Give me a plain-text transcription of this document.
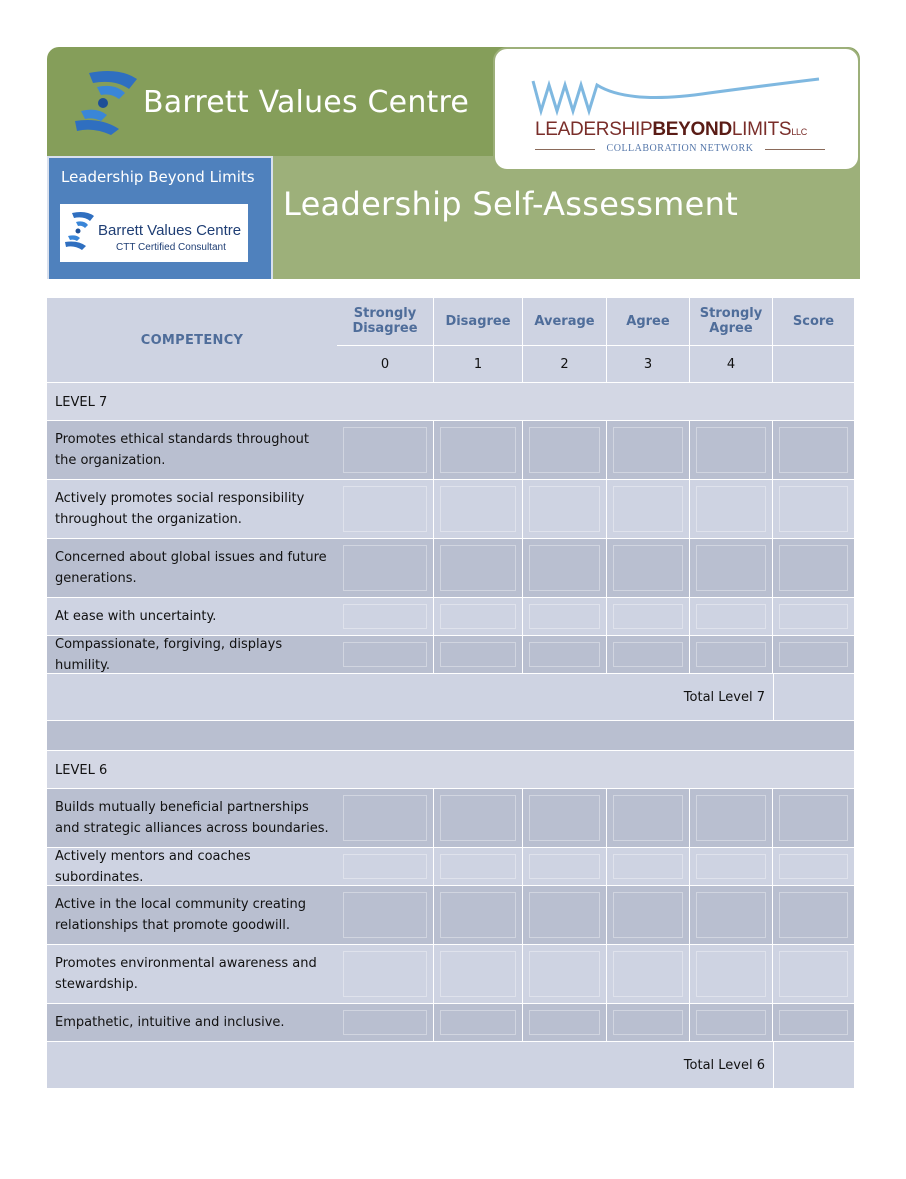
Barrett Values Centre
LEADERSHIPBEYONDLIMITSLLC
COLLABORATION NETWORK
Leadership Beyond Limits
Barrett Values Centre
CTT Certified Consultant
Leadership Self-Assessment
COMPETENCY
Strongly Disagree
0
Disagree
1
Average
2
Agree
3
Strongly Agree
4
Score
LEVEL 7
Promotes ethical standards throughout the organization.
Actively promotes social responsibility throughout the organization.
Concerned about global issues and future generations.
At ease with uncertainty.
Compassionate, forgiving, displays humility.
Total Level 7
LEVEL 6
Builds mutually beneficial partnerships and strategic alliances across boundaries.
Actively mentors and coaches subordinates.
Active in the local community creating relationships that promote goodwill.
Promotes environmental awareness and stewardship.
Empathetic, intuitive and inclusive.
Total Level 6
